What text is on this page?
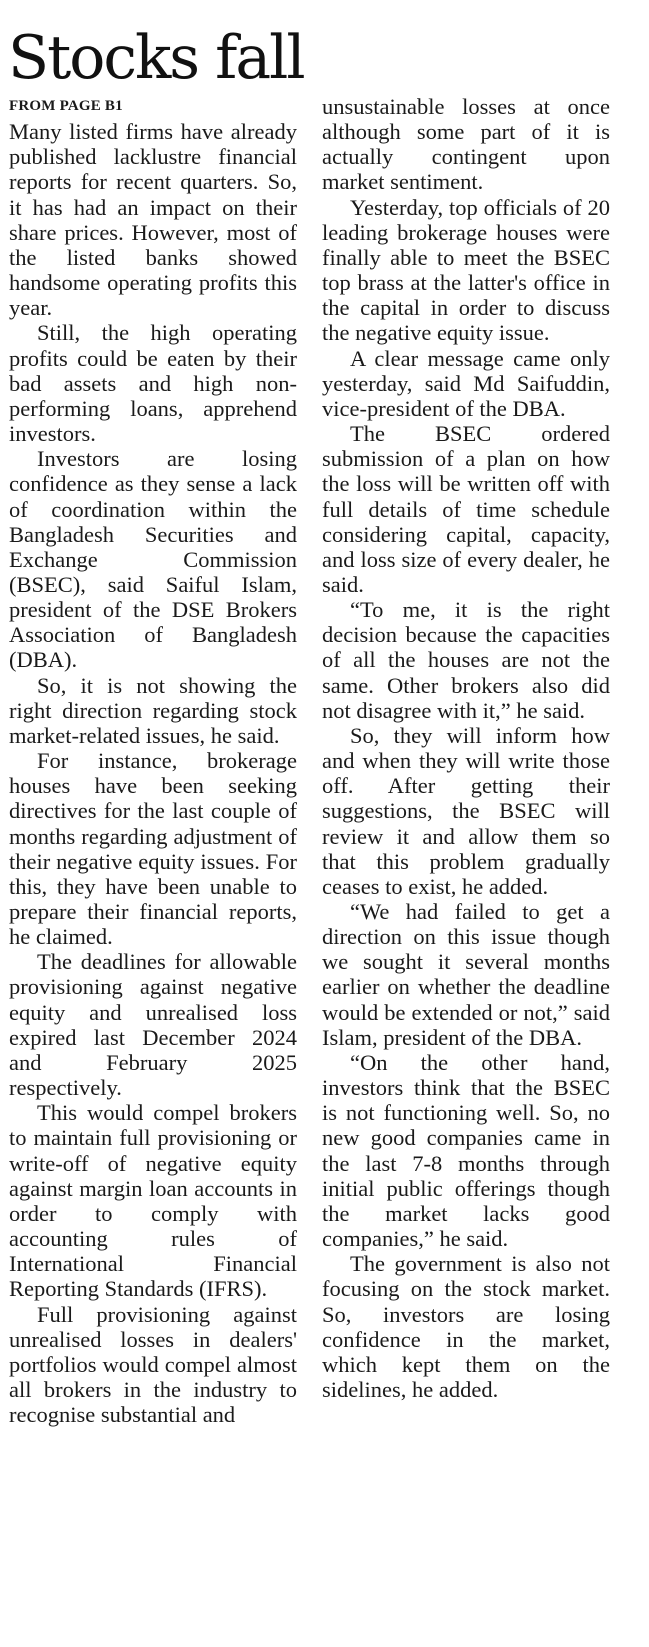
Stocks fall
FROM PAGE B1

Many listed firms have already published lacklustre financial reports for recent quarters. So, it has had an impact on their share prices. However, most of the listed banks showed handsome operating profits this year.

Still, the high operating profits could be eaten by their bad assets and high non-performing loans, apprehend investors.

Investors are losing confidence as they sense a lack of coordination within the Bangladesh Securities and Exchange Commission (BSEC), said Saiful Islam, president of the DSE Brokers Association of Bangladesh (DBA).

So, it is not showing the right direction regarding stock market-related issues, he said.

For instance, brokerage houses have been seeking directives for the last couple of months regarding adjustment of their negative equity issues. For this, they have been unable to prepare their financial reports, he claimed.

The deadlines for allowable provisioning against negative equity and unrealised loss expired last December 2024 and February 2025 respectively.

This would compel brokers to maintain full provisioning or write-off of negative equity against margin loan accounts in order to comply with accounting rules of International Financial Reporting Standards (IFRS).

Full provisioning against unrealised losses in dealers' portfolios would compel almost all brokers in the industry to recognise substantial and

unsustainable losses at once although some part of it is actually contingent upon market sentiment.

Yesterday, top officials of 20 leading brokerage houses were finally able to meet the BSEC top brass at the latter's office in the capital in order to discuss the negative equity issue.

A clear message came only yesterday, said Md Saifuddin, vice-president of the DBA.

The BSEC ordered submission of a plan on how the loss will be written off with full details of time schedule considering capital, capacity, and loss size of every dealer, he said.

“To me, it is the right decision because the capacities of all the houses are not the same. Other brokers also did not disagree with it,” he said.

So, they will inform how and when they will write those off. After getting their suggestions, the BSEC will review it and allow them so that this problem gradually ceases to exist, he added.

“We had failed to get a direction on this issue though we sought it several months earlier on whether the deadline would be extended or not,” said Islam, president of the DBA.

“On the other hand, investors think that the BSEC is not functioning well. So, no new good companies came in the last 7-8 months through initial public offerings though the market lacks good companies,” he said.

The government is also not focusing on the stock market. So, investors are losing confidence in the market, which kept them on the sidelines, he added.
